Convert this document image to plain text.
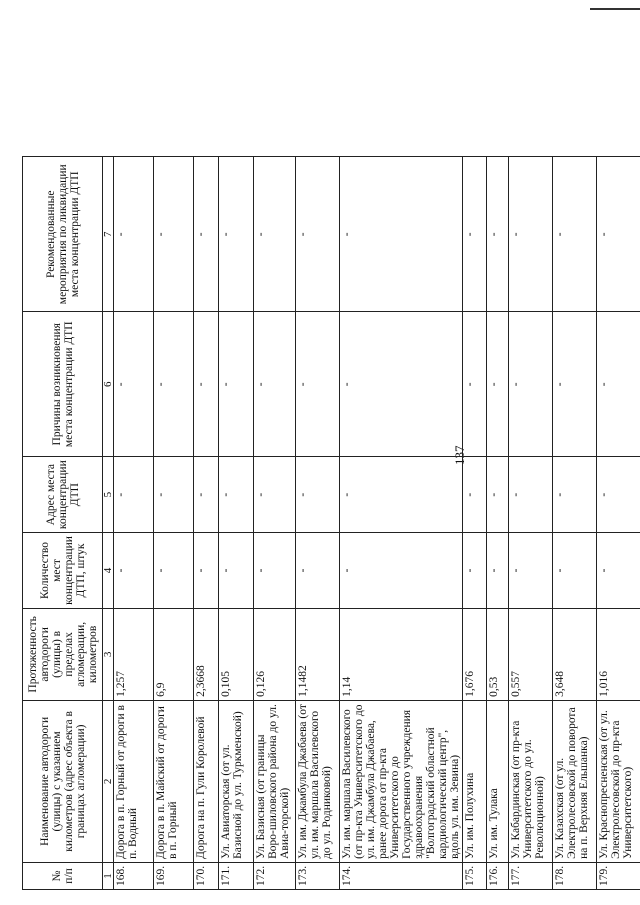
137
№ п/п	Наименование автодороги (улицы) с указанием километров (адрес объекта в границах агломерации)	Протяженность автодороги (улицы) в пределах агломерации, километров	Количество мест концентрации ДТП, штук	Адрес места концентрации ДТП	Причины возникновения места концентрации ДТП	Рекомендованные мероприятия по ликвидации места концентрации ДТП
1	2	3	4	5	6	7
168.	Дорога в п. Горный от дороги в п. Водный	1,257	-	-	-	-
169.	Дорога в п. Майский от дороги в п. Горный	6,9	-	-	-	-
170.	Дорога на п. Гули Королевой	2,3668	-	-	-	-
171.	Ул. Авиаторская (от ул. Базисной до ул. Туркменской)	0,105	-	-	-	-
172.	Ул. Базисная (от границы Воро-шиловского района до ул. Авиа-торской)	0,126	-	-	-	-
173.	Ул. им. Джамбула Джабаева (от ул. им. маршала Василевского до ул. Родниковой)	1,1482	-	-	-	-
174.	Ул. им. маршала Василевского (от пр-кта Университетского до ул. им. Джамбула Джабаева, ранее дорога от пр-кта Университетского до Государственного учреждения здравоохранения "Волгоградский областной кардиологический центр", вдоль ул. им. Зевина)	1,14	-	-	-	-
175.	Ул. им. Полухина	1,676	-	-	-	-
176.	Ул. им. Тулака	0,53	-	-	-	-
177.	Ул. Кабардинская (от пр-кта Университетского до ул. Революционной)	0,557	-	-	-	-
178.	Ул. Казахская (от ул. Электролесовской до поворота на п. Верхняя Ельшанка)	3,648	-	-	-	-
179.	Ул. Краснопресненская (от ул. Электролесовской до пр-кта Университетского)	1,016	-	-	-	-
